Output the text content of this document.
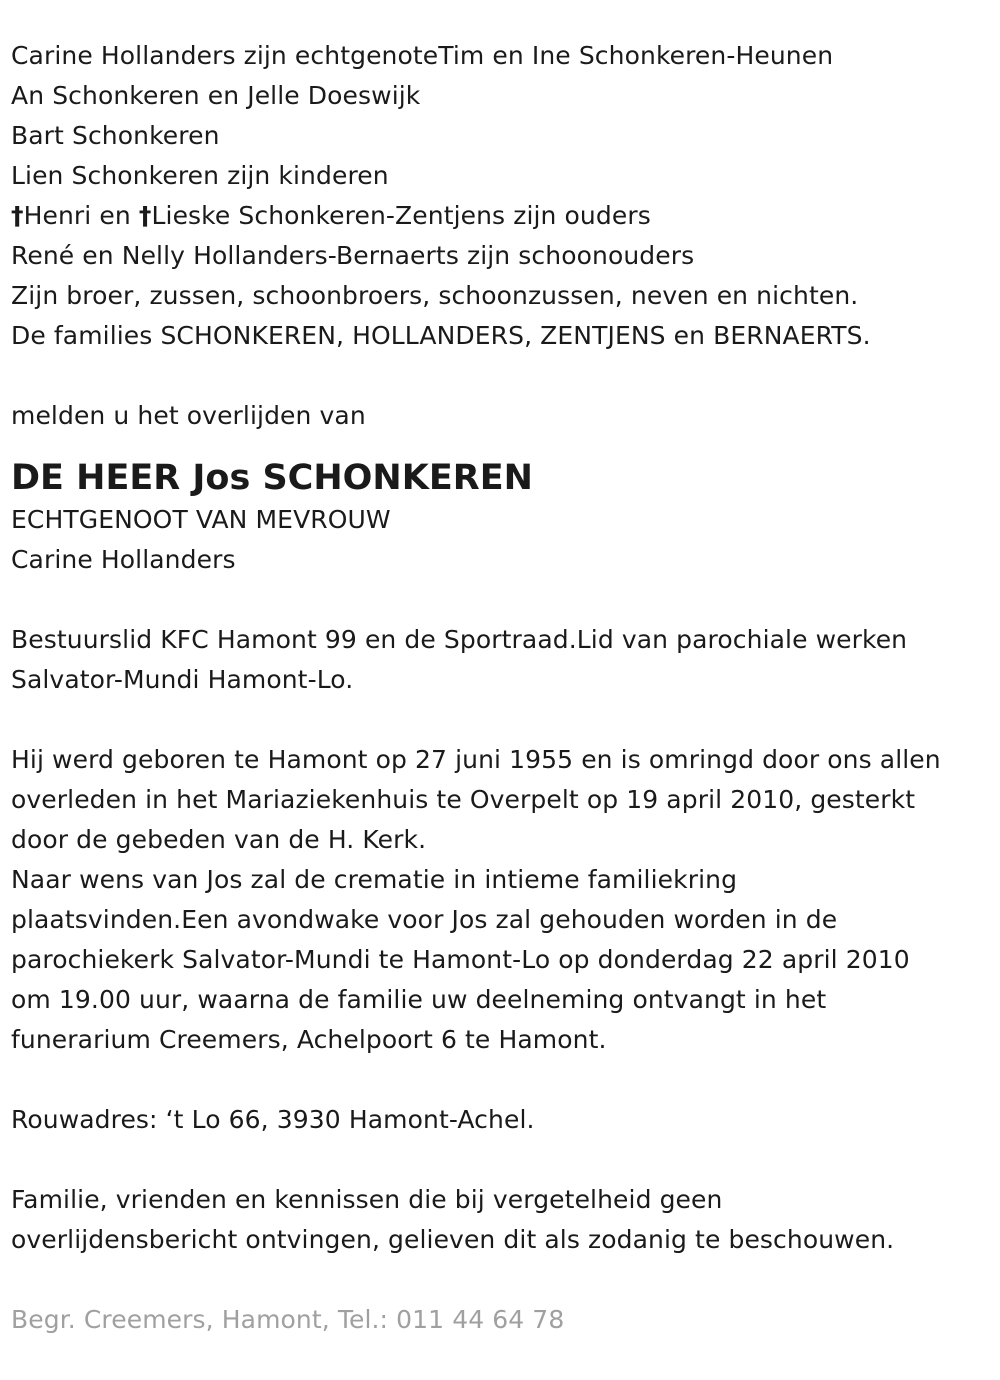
Carine Hollanders zijn echtgenoteTim en Ine Schonkeren-Heunen
An Schonkeren en Jelle Doeswijk
Bart Schonkeren
Lien Schonkeren zijn kinderen
†Henri en †Lieske Schonkeren-Zentjens zijn ouders
René en Nelly Hollanders-Bernaerts zijn schoonouders
Zijn broer, zussen, schoonbroers, schoonzussen, neven en nichten.
De families SCHONKEREN, HOLLANDERS, ZENTJENS en BERNAERTS.
melden u het overlijden van
DE HEER Jos SCHONKEREN
ECHTGENOOT VAN MEVROUW
Carine Hollanders
Bestuurslid KFC Hamont 99 en de Sportraad.Lid van parochiale werken
Salvator-Mundi Hamont-Lo.
Hij werd geboren te Hamont op 27 juni 1955 en is omringd door ons allen
overleden in het Mariaziekenhuis te Overpelt op 19 april 2010, gesterkt
door de gebeden van de H. Kerk.
Naar wens van Jos zal de crematie in intieme familiekring
plaatsvinden.Een avondwake voor Jos zal gehouden worden in de
parochiekerk Salvator-Mundi te Hamont-Lo op donderdag 22 april 2010
om 19.00 uur, waarna de familie uw deelneming ontvangt in het
funerarium Creemers, Achelpoort 6 te Hamont.
Rouwadres: ‘t Lo 66, 3930 Hamont-Achel.
Familie, vrienden en kennissen die bij vergetelheid geen
overlijdensbericht ontvingen, gelieven dit als zodanig te beschouwen.
Begr. Creemers, Hamont, Tel.: 011 44 64 78
